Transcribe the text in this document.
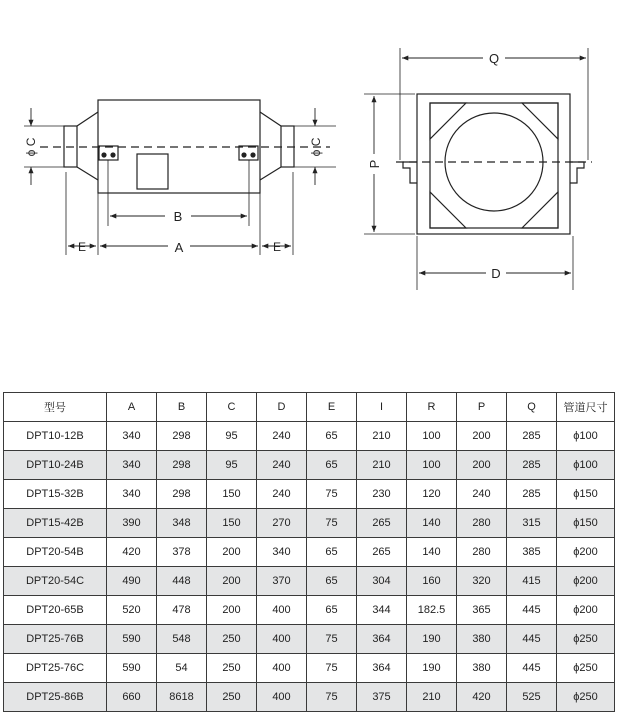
B
A
E	E
ϕ C	ϕ C
Q
P
D
型号	A	B	C	D	E	I	R	P	Q	管道尺寸
DPT10-12B	340	298	95	240	65	210	100	200	285	ϕ100
DPT10-24B	340	298	95	240	65	210	100	200	285	ϕ100
DPT15-32B	340	298	150	240	75	230	120	240	285	ϕ150
DPT15-42B	390	348	150	270	75	265	140	280	315	ϕ150
DPT20-54B	420	378	200	340	65	265	140	280	385	ϕ200
DPT20-54C	490	448	200	370	65	304	160	320	415	ϕ200
DPT20-65B	520	478	200	400	65	344	182.5	365	445	ϕ200
DPT25-76B	590	548	250	400	75	364	190	380	445	ϕ250
DPT25-76C	590	54	250	400	75	364	190	380	445	ϕ250
DPT25-86B	660	8618	250	400	75	375	210	420	525	ϕ250
